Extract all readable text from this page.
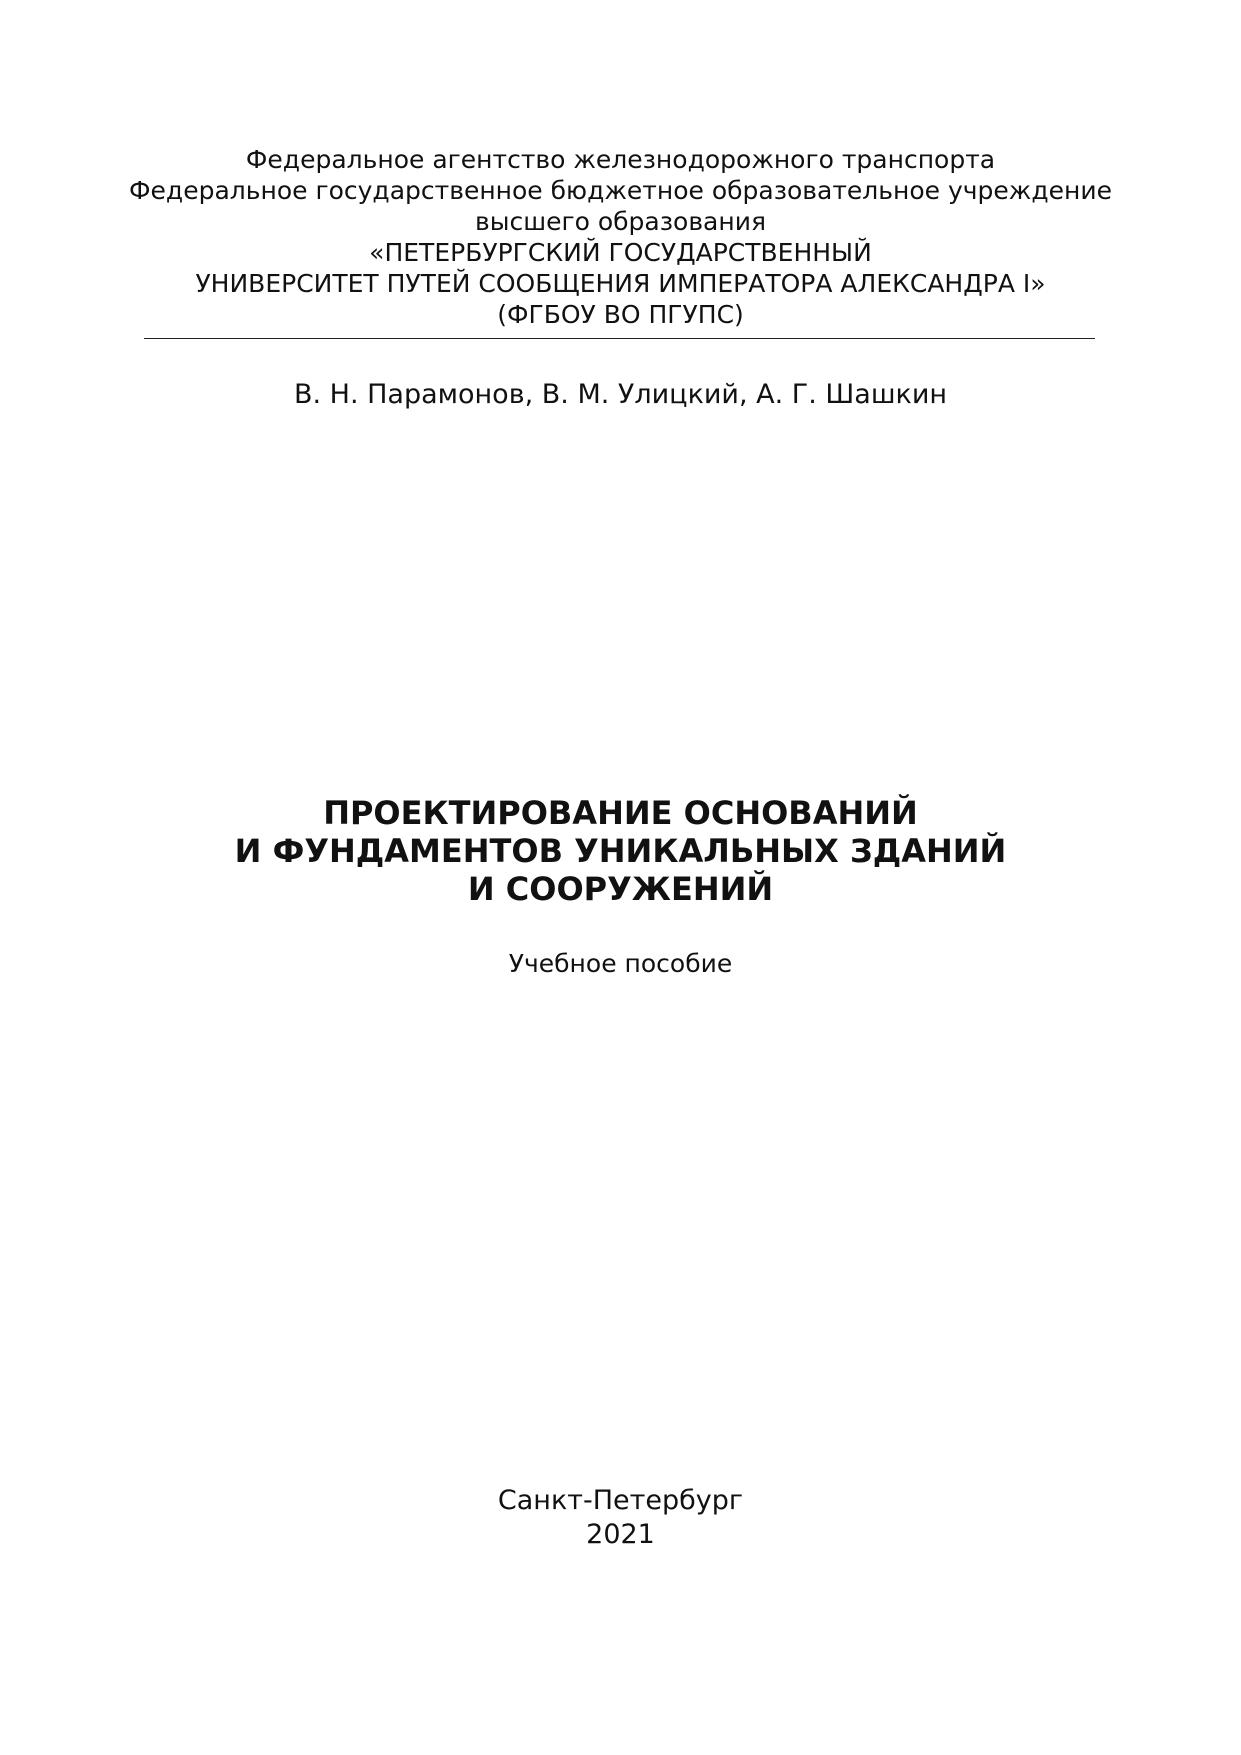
Федеральное агентство железнодорожного транспорта
Федеральное государственное бюджетное образовательное учреждение
высшего образования
«ПЕТЕРБУРГСКИЙ ГОСУДАРСТВЕННЫЙ
УНИВЕРСИТЕТ ПУТЕЙ СООБЩЕНИЯ ИМПЕРАТОРА АЛЕКСАНДРА I»
(ФГБОУ ВО ПГУПС)
В. Н. Парамонов, В. М. Улицкий, А. Г. Шашкин
ПРОЕКТИРОВАНИЕ ОСНОВАНИЙ
И ФУНДАМЕНТОВ УНИКАЛЬНЫХ ЗДАНИЙ
И СООРУЖЕНИЙ
Учебное пособие
Санкт-Петербург
2021
